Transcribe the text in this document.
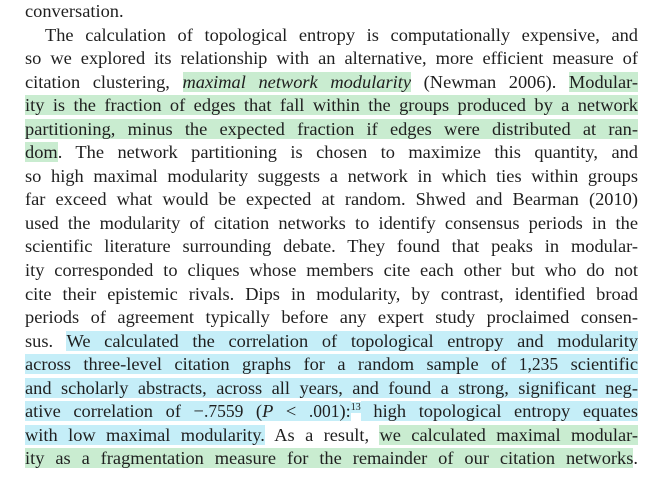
conversation.
The calculation of topological entropy is computationally expensive, and
so we explored its relationship with an alternative, more efficient measure of
citation clustering, maximal network modularity (Newman 2006). Modular-
ity is the fraction of edges that fall within the groups produced by a network
partitioning, minus the expected fraction if edges were distributed at ran-
dom. The network partitioning is chosen to maximize this quantity, and
so high maximal modularity suggests a network in which ties within groups
far exceed what would be expected at random. Shwed and Bearman (2010)
used the modularity of citation networks to identify consensus periods in the
scientific literature surrounding debate. They found that peaks in modular-
ity corresponded to cliques whose members cite each other but who do not
cite their epistemic rivals. Dips in modularity, by contrast, identified broad
periods of agreement typically before any expert study proclaimed consen-
sus. We calculated the correlation of topological entropy and modularity
across three-level citation graphs for a random sample of 1,235 scientific
and scholarly abstracts, across all years, and found a strong, significant neg-
ative correlation of −.7559 (P < .001):$^{13}$ high topological entropy equates
with low maximal modularity. As a result, we calculated maximal modular-
ity as a fragmentation measure for the remainder of our citation networks.
